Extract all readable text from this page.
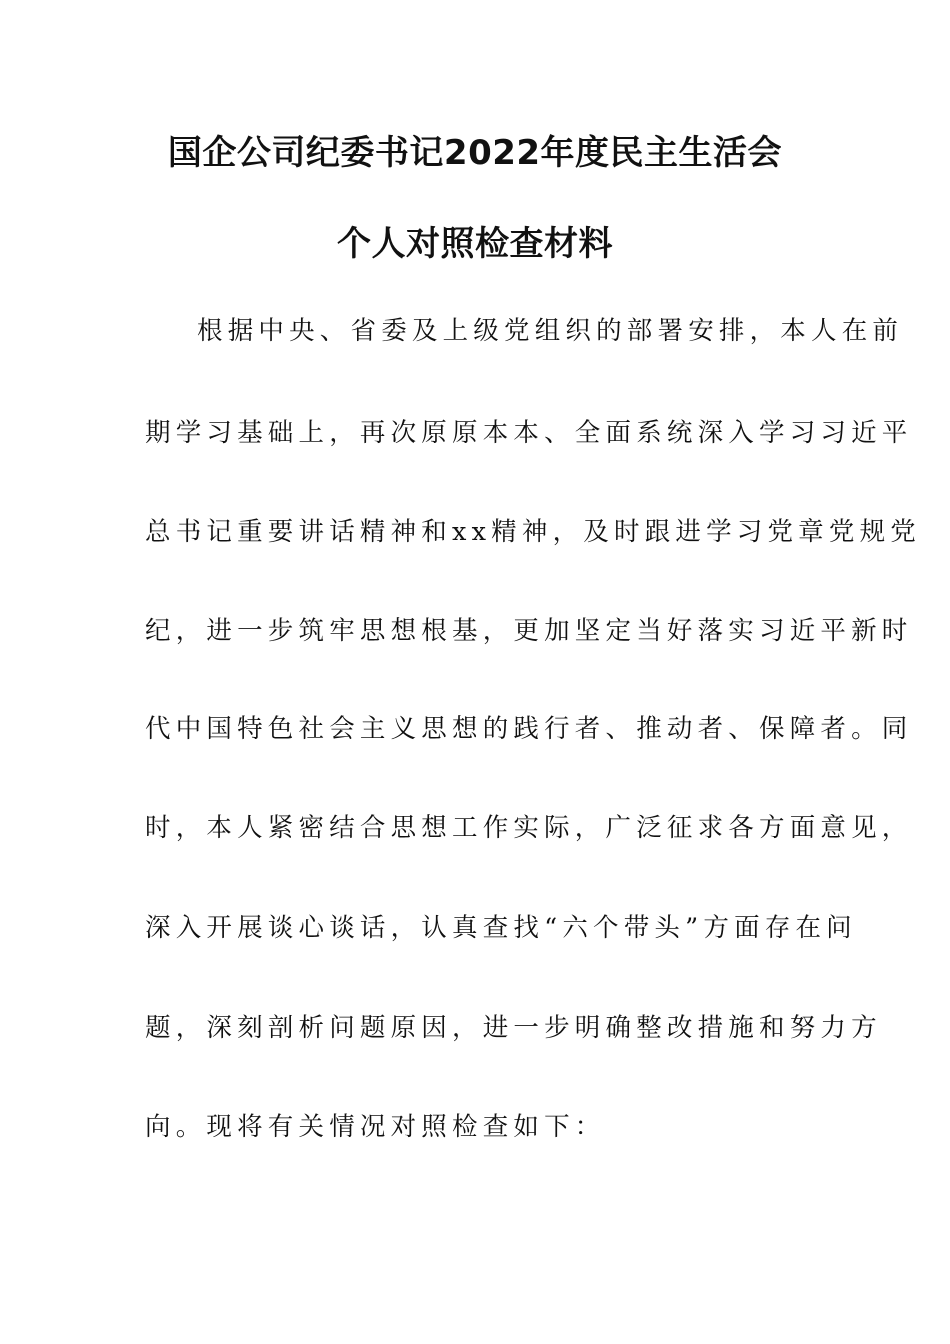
国企公司纪委书记2022年度民主生活会
个人对照检查材料

根据中央、省委及上级党组织的部署安排，本人在前

期学习基础上，再次原原本本、全面系统深入学习习近平

总书记重要讲话精神和xx精神，及时跟进学习党章党规党

纪，进一步筑牢思想根基，更加坚定当好落实习近平新时

代中国特色社会主义思想的践行者、推动者、保障者。同

时，本人紧密结合思想工作实际，广泛征求各方面意见，

深入开展谈心谈话，认真查找“六个带头”方面存在问

题，深刻剖析问题原因，进一步明确整改措施和努力方

向。现将有关情况对照检查如下：
